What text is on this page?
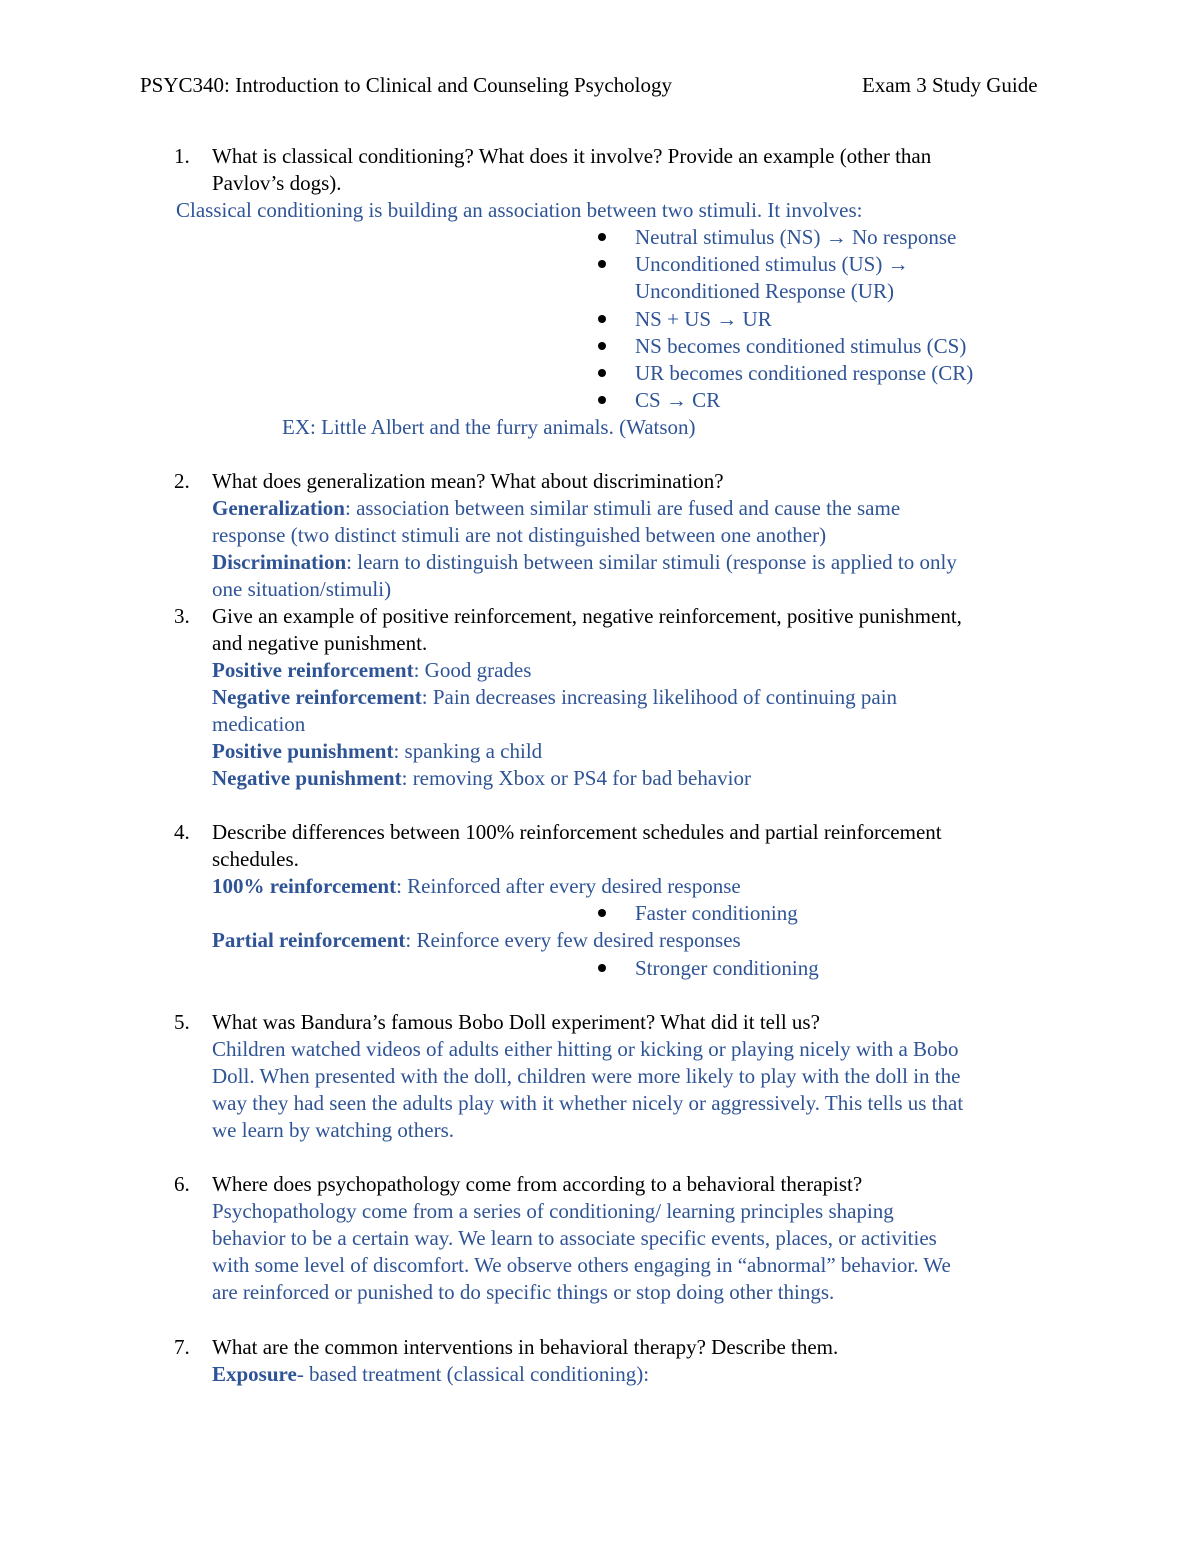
PSYC340: Introduction to Clinical and Counseling Psychology	Exam 3 Study Guide
1. What is classical conditioning? What does it involve? Provide an example (other than
Pavlov’s dogs).
Classical conditioning is building an association between two stimuli. It involves:
Neutral stimulus (NS) → No response
Unconditioned stimulus (US) →
Unconditioned Response (UR)
NS + US → UR
NS becomes conditioned stimulus (CS)
UR becomes conditioned response (CR)
CS → CR
EX: Little Albert and the furry animals. (Watson)
2. What does generalization mean? What about discrimination?
Generalization: association between similar stimuli are fused and cause the same
response (two distinct stimuli are not distinguished between one another)
Discrimination: learn to distinguish between similar stimuli (response is applied to only
one situation/stimuli)
3. Give an example of positive reinforcement, negative reinforcement, positive punishment,
and negative punishment.
Positive reinforcement: Good grades
Negative reinforcement: Pain decreases increasing likelihood of continuing pain
medication
Positive punishment: spanking a child
Negative punishment: removing Xbox or PS4 for bad behavior
4. Describe differences between 100% reinforcement schedules and partial reinforcement
schedules.
100% reinforcement: Reinforced after every desired response
Faster conditioning
Partial reinforcement: Reinforce every few desired responses
Stronger conditioning
5. What was Bandura’s famous Bobo Doll experiment? What did it tell us?
Children watched videos of adults either hitting or kicking or playing nicely with a Bobo
Doll. When presented with the doll, children were more likely to play with the doll in the
way they had seen the adults play with it whether nicely or aggressively. This tells us that
we learn by watching others.
6. Where does psychopathology come from according to a behavioral therapist?
Psychopathology come from a series of conditioning/ learning principles shaping
behavior to be a certain way. We learn to associate specific events, places, or activities
with some level of discomfort. We observe others engaging in “abnormal” behavior. We
are reinforced or punished to do specific things or stop doing other things.
7. What are the common interventions in behavioral therapy? Describe them.
Exposure- based treatment (classical conditioning):
